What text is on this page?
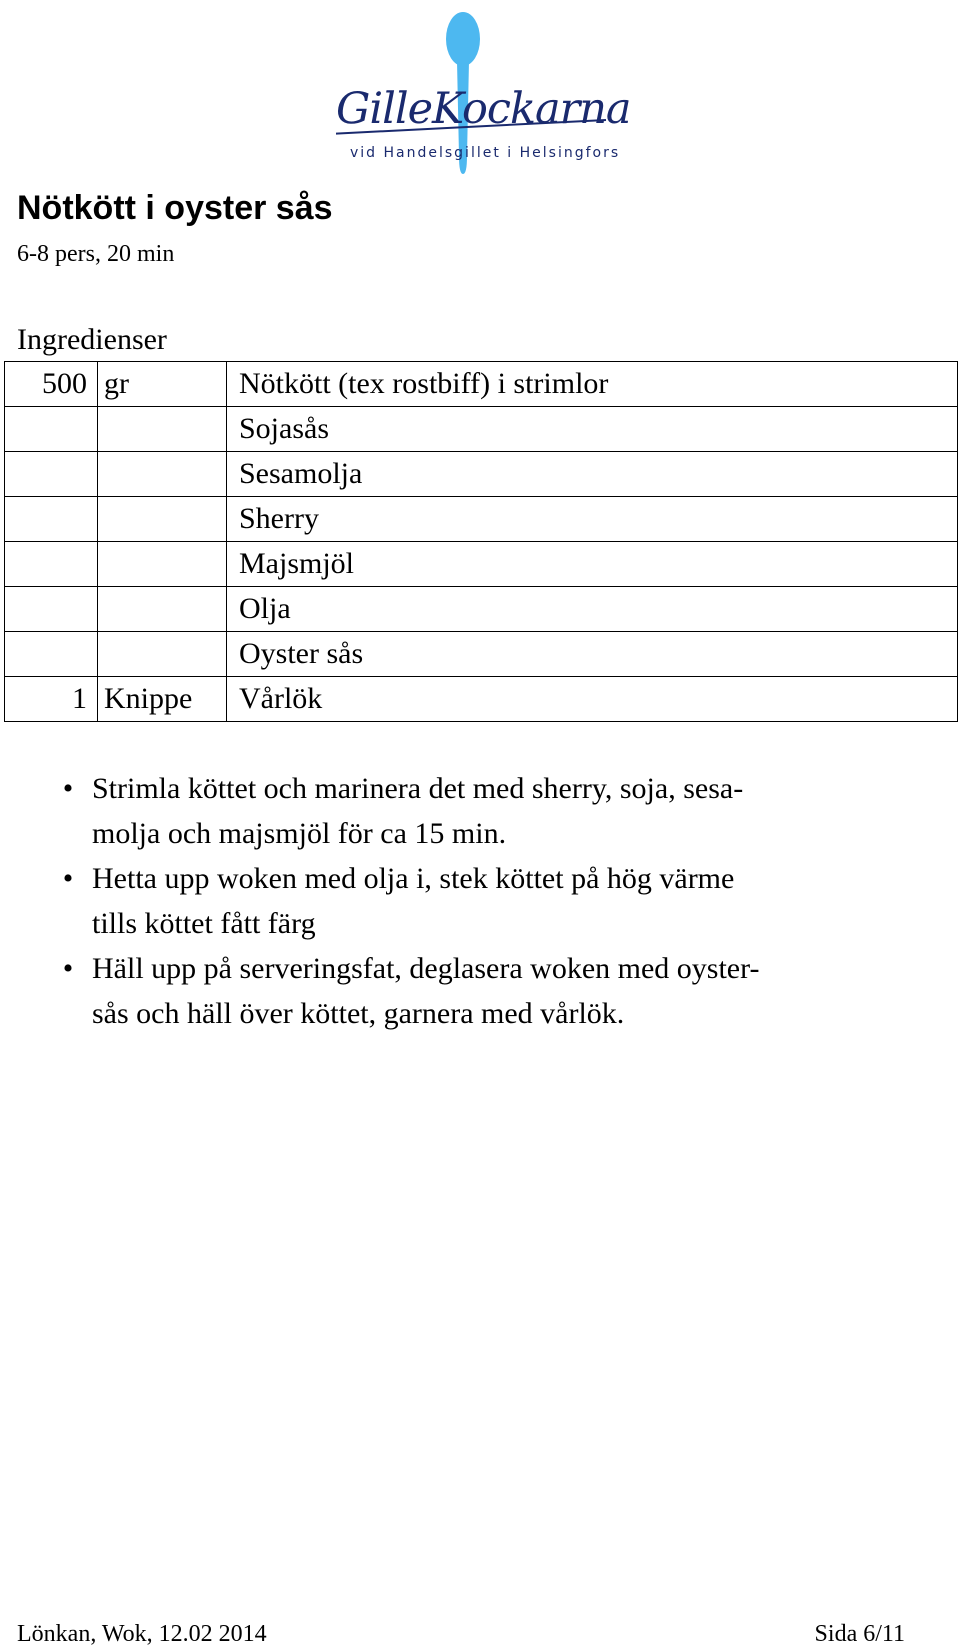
GilleKockarna
vid Handelsgillet i Helsingfors
Nötkött i oyster sås
6-8 pers, 20 min
Ingredienser
500	gr	Nötkött (tex rostbiff) i strimlor
		Sojasås
		Sesamolja
		Sherry
		Majsmjöl
		Olja
		Oyster sås
1	Knippe	Vårlök
• Strimla köttet och marinera det med sherry, soja, sesa-
molja och majsmjöl för ca 15 min.
• Hetta upp woken med olja i, stek köttet på hög värme
tills köttet fått färg
• Häll upp på serveringsfat, deglasera woken med oyster-
sås och häll över köttet, garnera med vårlök.
Lönkan, Wok, 12.02 2014	Sida 6/11
